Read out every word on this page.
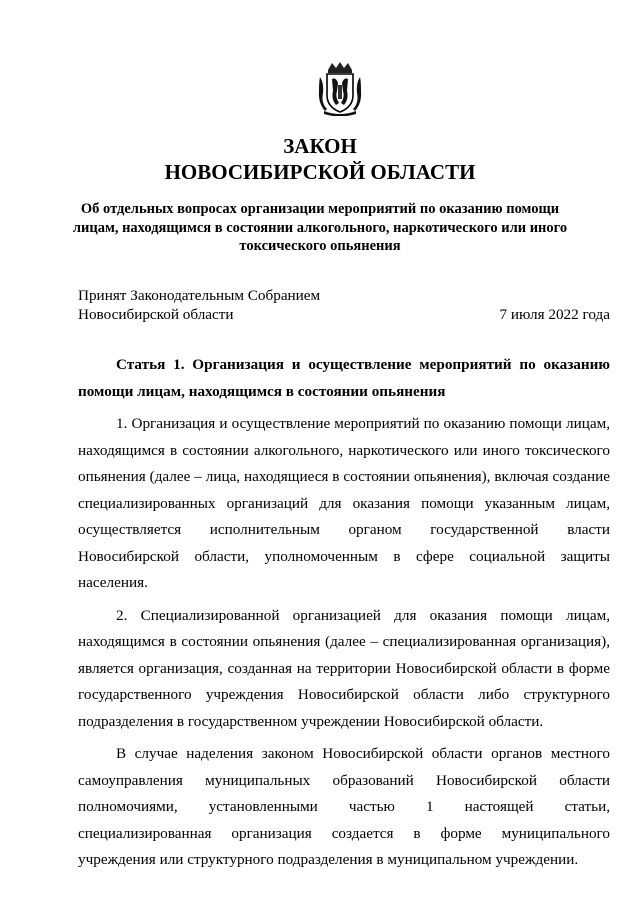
ЗАКОН
НОВОСИБИРСКОЙ ОБЛАСТИ
Об отдельных вопросах организации мероприятий по оказанию помощи лицам, находящимся в состоянии алкогольного, наркотического или иного токсического опьянения
Принят Законодательным Собранием
Новосибирской области	7 июля 2022 года

Статья 1. Организация и осуществление мероприятий по оказанию помощи лицам, находящимся в состоянии опьянения

1. Организация и осуществление мероприятий по оказанию помощи лицам, находящимся в состоянии алкогольного, наркотического или иного токсического опьянения (далее – лица, находящиеся в состоянии опьянения), включая создание специализированных организаций для оказания помощи указанным лицам, осуществляется исполнительным органом государственной власти Новосибирской области, уполномоченным в сфере социальной защиты населения.

2. Специализированной организацией для оказания помощи лицам, находящимся в состоянии опьянения (далее – специализированная организация), является организация, созданная на территории Новосибирской области в форме государственного учреждения Новосибирской области либо структурного подразделения в государственном учреждении Новосибирской области.

В случае наделения законом Новосибирской области органов местного самоуправления муниципальных образований Новосибирской области полномочиями, установленными частью 1 настоящей статьи, специализированная организация создается в форме муниципального учреждения или структурного подразделения в муниципальном учреждении.
